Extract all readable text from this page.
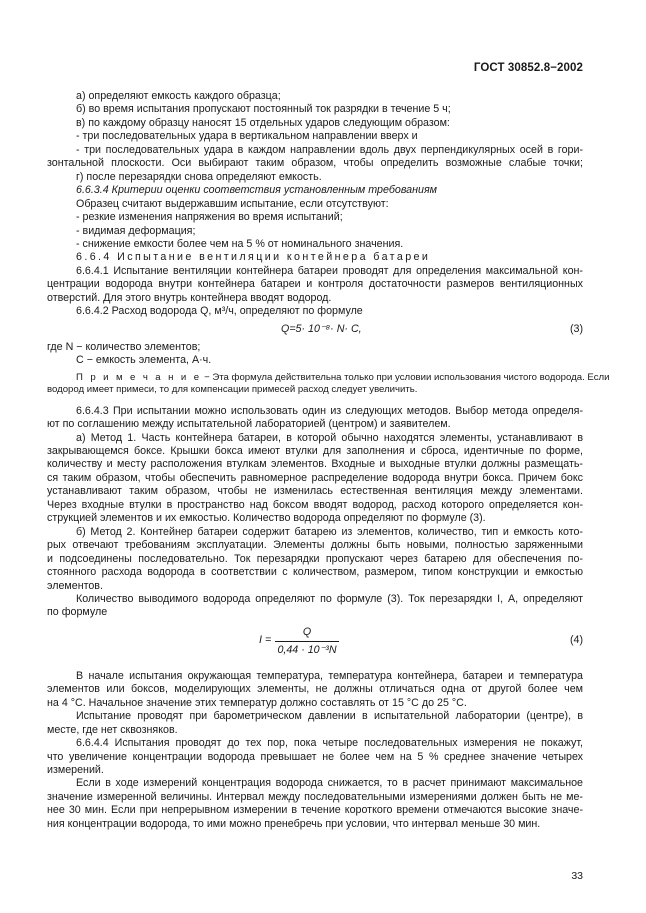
ГОСТ 30852.8−2002

а) определяют емкость каждого образца;

б) во время испытания пропускают постоянный ток разрядки в течение 5 ч;

в) по каждому образцу наносят 15 отдельных ударов следующим образом:

- три последовательных удара в вертикальном направлении вверх и

- три последовательных удара в каждом направлении вдоль двух перпендикулярных осей в гори-

зонтальной плоскости. Оси выбирают таким образом, чтобы определить возможные слабые точки;

г) после перезарядки снова определяют емкость.

6.6.3.4 Критерии оценки соответствия установленным требованиям

Образец считают выдержавшим испытание, если отсутствуют:

- резкие изменения напряжения во время испытаний;

- видимая деформация;

- снижение емкости более чем на 5 % от номинального значения.

6.6.4 Испытание вентиляции контейнера батареи

6.6.4.1 Испытание вентиляции контейнера батареи проводят для определения максимальной кон-

центрации водорода внутри контейнера батареи и контроля достаточности размеров вентиляционных

отверстий. Для этого внутрь контейнера вводят водород.

6.6.4.2 Расход водорода Q, м³/ч, определяют по формуле

Q=5· 10⁻⁸· N· C,	(3)

где N − количество элементов;

C − емкость элемента, А·ч.

П р и м е ч а н и е − Эта формула действительна только при условии использования чистого водорода. Если

водород имеет примеси, то для компенсации примесей расход следует увеличить.

6.6.4.3 При испытании можно использовать один из следующих методов. Выбор метода определя-

ют по соглашению между испытательной лабораторией (центром) и заявителем.

а) Метод 1. Часть контейнера батареи, в которой обычно находятся элементы, устанавливают в

закрывающемся боксе. Крышки бокса имеют втулки для заполнения и сброса, идентичные по форме,

количеству и месту расположения втулкам элементов. Входные и выходные втулки должны размещать-

ся таким образом, чтобы обеспечить равномерное распределение водорода внутри бокса. Причем бокс

устанавливают таким образом, чтобы не изменилась естественная вентиляция между элементами.

Через входные втулки в пространство над боксом вводят водород, расход которого определяется кон-

струкцией элементов и их емкостью. Количество водорода определяют по формуле (3).

б) Метод 2. Контейнер батареи содержит батарею из элементов, количество, тип и емкость кото-

рых отвечают требованиям эксплуатации. Элементы должны быть новыми, полностью заряженными

и подсоединены последовательно. Ток перезарядки пропускают через батарею для обеспечения по-

стоянного расхода водорода в соответствии с количеством, размером, типом конструкции и емкостью

элементов.

Количество выводимого водорода определяют по формуле (3). Ток перезарядки I, А, определяют

по формуле

$I = \frac{Q}{\text{0,44 · 10⁻³N}}$	(4)

В начале испытания окружающая температура, температура контейнера, батареи и температура

элементов или боксов, моделирующих элементы, не должны отличаться одна от другой более чем

на 4 °C. Начальное значение этих температур должно составлять от 15 °C до 25 °C.

Испытание проводят при барометрическом давлении в испытательной лаборатории (центре), в

месте, где нет сквозняков.

6.6.4.4 Испытания проводят до тех пор, пока четыре последовательных измерения не покажут,

что увеличение концентрации водорода превышает не более чем на 5 % среднее значение четырех

измерений.

Если в ходе измерений концентрация водорода снижается, то в расчет принимают максимальное

значение измеренной величины. Интервал между последовательными измерениями должен быть не ме-

нее 30 мин. Если при непрерывном измерении в течение короткого времени отмечаются высокие значе-

ния концентрации водорода, то ими можно пренебречь при условии, что интервал меньше 30 мин.

33
